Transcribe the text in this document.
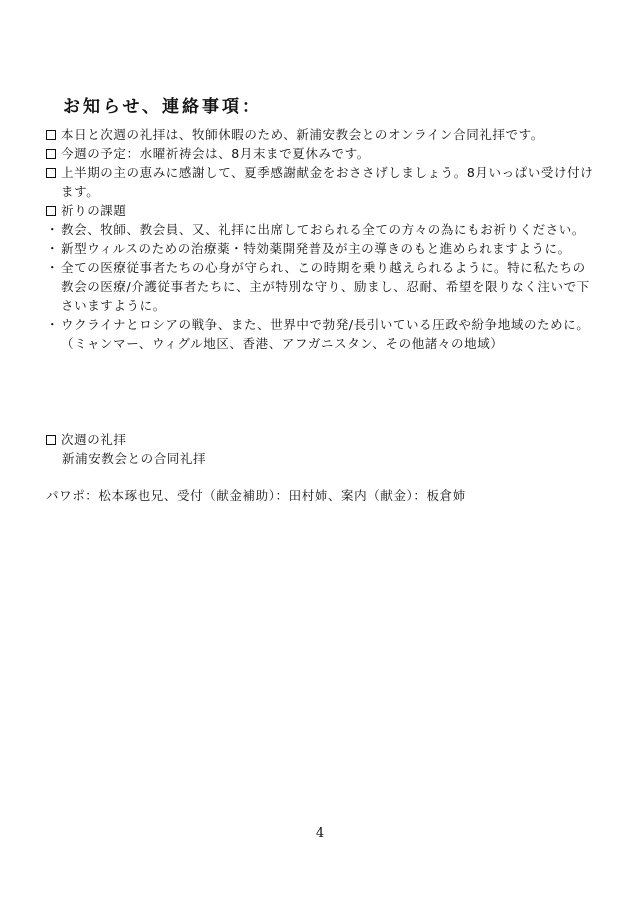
お知らせ、連絡事項：

本日と次週の礼拝は、牧師休暇のため、新浦安教会とのオンライン合同礼拝です。

今週の予定：水曜祈祷会は、8月末まで夏休みです。

上半期の主の恵みに感謝して、夏季感謝献金をおささげしましょう。8月いっぱい受け付けます。

祈りの課題

・ 教会、牧師、教会員、又、礼拝に出席しておられる全ての方々の為にもお祈りください。

・ 新型ウィルスのための治療薬・特効薬開発普及が主の導きのもと進められますように。

・ 全ての医療従事者たちの心身が守られ、この時期を乗り越えられるように。特に私たちの教会の医療/介護従事者たちに、主が特別な守り、励まし、忍耐、希望を限りなく注いで下さいますように。

・ ウクライナとロシアの戦争、また、世界中で勃発/長引いている圧政や紛争地域のために。（ミャンマー、ウィグル地区、香港、アフガニスタン、その他諸々の地域）

次週の礼拝

新浦安教会との合同礼拝

パワポ：松本琢也兄、受付（献金補助）：田村姉、案内（献金）：板倉姉

4
